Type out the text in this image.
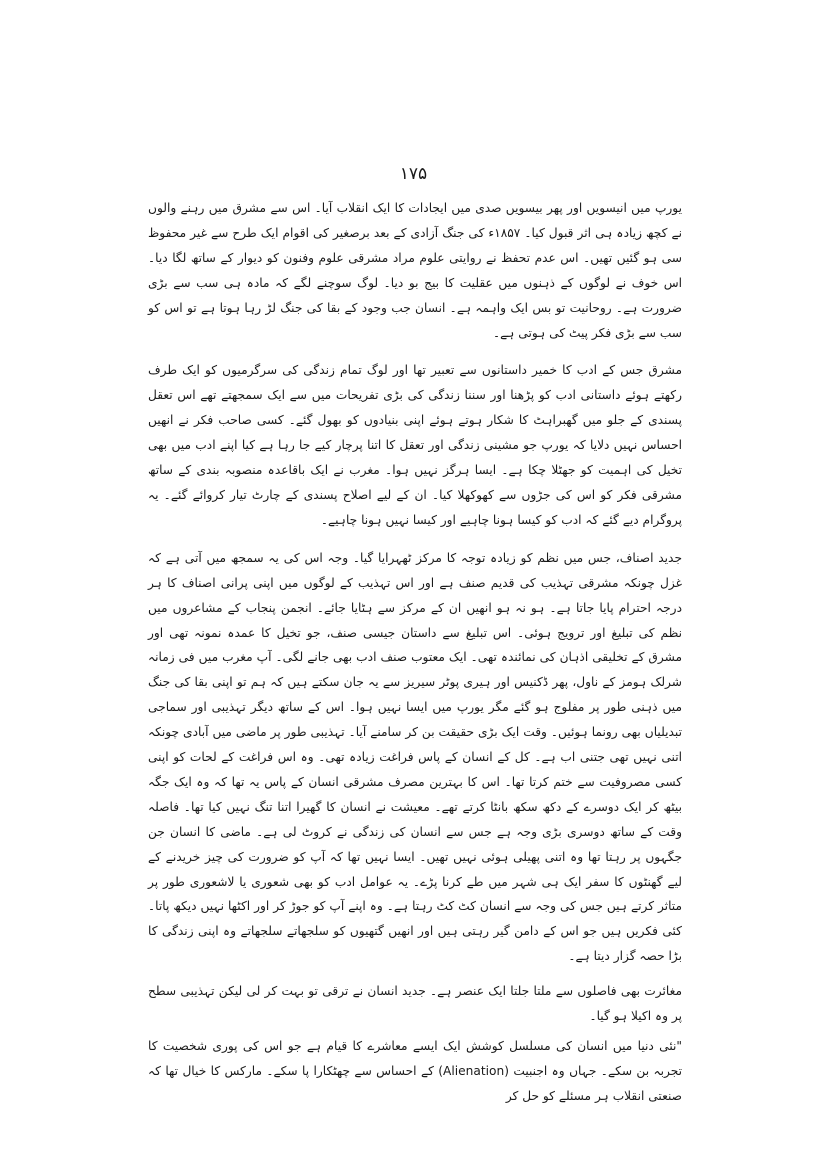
۱۷۵

یورپ میں انیسویں اور پھر بیسویں صدی میں ایجادات کا ایک انقلاب آیا۔ اس سے مشرق میں رہنے والوں نے کچھ زیادہ ہی اثر قبول کیا۔ ۱۸۵۷ء کی جنگ آزادی کے بعد برصغیر کی اقوام ایک طرح سے غیر محفوظ سی ہو گئیں تھیں۔ اس عدم تحفظ نے روایتی علوم مراد مشرقی علوم وفنون کو دیوار کے ساتھ لگا دیا۔ اس خوف نے لوگوں کے ذہنوں میں عقلیت کا بیج بو دیا۔ لوگ سوچنے لگے کہ مادہ ہی سب سے بڑی ضرورت ہے۔ روحانیت تو بس ایک واہمہ ہے۔ انسان جب وجود کے بقا کی جنگ لڑ رہا ہوتا ہے تو اس کو سب سے بڑی فکر پیٹ کی ہوتی ہے۔

مشرق جس کے ادب کا خمیر داستانوں سے تعبیر تھا اور لوگ تمام زندگی کی سرگرمیوں کو ایک طرف رکھتے ہوئے داستانی ادب کو پڑھنا اور سننا زندگی کی بڑی تفریحات میں سے ایک سمجھتے تھے اس تعقل پسندی کے جلو میں گھبراہٹ کا شکار ہوتے ہوئے اپنی بنیادوں کو بھول گئے۔ کسی صاحب فکر نے انھیں احساس نہیں دلایا کہ یورپ جو مشینی زندگی اور تعقل کا اتنا پرچار کیے جا رہا ہے کیا اپنے ادب میں بھی تخیل کی اہمیت کو جھٹلا چکا ہے۔ ایسا ہرگز نہیں ہوا۔ مغرب نے ایک باقاعدہ منصوبہ بندی کے ساتھ مشرقی فکر کو اس کی جڑوں سے کھوکھلا کیا۔ ان کے لیے اصلاح پسندی کے چارٹ تیار کروائے گئے۔ یہ پروگرام دیے گئے کہ ادب کو کیسا ہونا چاہیے اور کیسا نہیں ہونا چاہیے۔

جدید اصناف، جس میں نظم کو زیادہ توجہ کا مرکز ٹھہرایا گیا۔ وجہ اس کی یہ سمجھ میں آتی ہے کہ غزل چونکہ مشرقی تہذیب کی قدیم صنف ہے اور اس تہذیب کے لوگوں میں اپنی پرانی اصناف کا ہر درجہ احترام پایا جاتا ہے۔ ہو نہ ہو انھیں ان کے مرکز سے ہٹایا جائے۔ انجمن پنجاب کے مشاعروں میں نظم کی تبلیغ اور ترویج ہوئی۔ اس تبلیغ سے داستان جیسی صنف، جو تخیل کا عمدہ نمونہ تھی اور مشرق کے تخلیقی اذہان کی نمائندہ تھی۔ ایک معتوب صنف ادب بھی جانے لگی۔ آپ مغرب میں فی زمانہ شرلک ہومز کے ناول، پھر ڈکنیس اور ہیری پوٹر سیریز سے یہ جان سکتے ہیں کہ ہم تو اپنی بقا کی جنگ میں ذہنی طور پر مفلوج ہو گئے مگر یورپ میں ایسا نہیں ہوا۔ اس کے ساتھ دیگر تہذیبی اور سماجی تبدیلیاں بھی رونما ہوئیں۔ وقت ایک بڑی حقیقت بن کر سامنے آیا۔ تہذیبی طور پر ماضی میں آبادی چونکہ اتنی نہیں تھی جتنی اب ہے۔ کل کے انسان کے پاس فراغت زیادہ تھی۔ وہ اس فراغت کے لحات کو اپنی کسی مصروفیت سے ختم کرتا تھا۔ اس کا بہترین مصرف مشرقی انسان کے پاس یہ تھا کہ وہ ایک جگہ بیٹھ کر ایک دوسرے کے دکھ سکھ بانٹا کرتے تھے۔ معیشت نے انسان کا گھیرا اتنا تنگ نہیں کیا تھا۔ فاصلہ وقت کے ساتھ دوسری بڑی وجہ ہے جس سے انسان کی زندگی نے کروٹ لی ہے۔ ماضی کا انسان جن جگہوں پر رہتا تھا وہ اتنی پھیلی ہوئی نہیں تھیں۔ ایسا نہیں تھا کہ آپ کو ضرورت کی چیز خریدنے کے لیے گھنٹوں کا سفر ایک ہی شہر میں طے کرنا پڑے۔ یہ عوامل ادب کو بھی شعوری یا لاشعوری طور پر متاثر کرتے ہیں جس کی وجہ سے انسان کٹ کٹ رہتا ہے۔ وہ اپنے آپ کو جوڑ کر اور اکٹھا نہیں دیکھ پاتا۔ کئی فکریں ہیں جو اس کے دامن گیر رہتی ہیں اور انھیں گتھیوں کو سلجھاتے سلجھاتے وہ اپنی زندگی کا بڑا حصہ گزار دیتا ہے۔

مغائرت بھی فاصلوں سے ملتا جلتا ایک عنصر ہے۔ جدید انسان نے ترقی تو بہت کر لی لیکن تہذیبی سطح پر وہ اکیلا ہو گیا۔

"نئی دنیا میں انسان کی مسلسل کوشش ایک ایسے معاشرے کا قیام ہے جو اس کی پوری شخصیت کا تجربہ بن سکے۔ جہاں وہ اجنبیت (Alienation) کے احساس سے چھٹکارا پا سکے۔ مارکس کا خیال تھا کہ صنعتی انقلاب ہر مسئلے کو حل کر
